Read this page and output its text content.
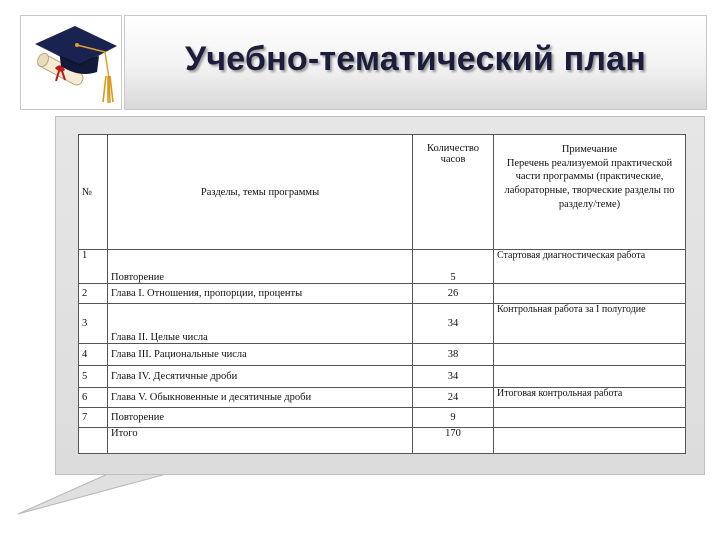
Учебно-тематический план
№	Разделы, темы программы	Количество часов	Примечание
Перечень реализуемой практической части программы (практические, лабораторные, творческие разделы по разделу/теме)

1	Повторение	5	Стартовая диагностическая работа
2	Глава I. Отношения, пропорции, проценты	26	
3	Глава II. Целые числа	34	Контрольная работа за I полугодие
4	Глава III. Рациональные числа	38	
5	Глава IV. Десятичные дроби	34	
6	Глава V. Обыкновенные и десятичные дроби	24	Итоговая контрольная работа
7	Повторение	9	
	Итого	170	
